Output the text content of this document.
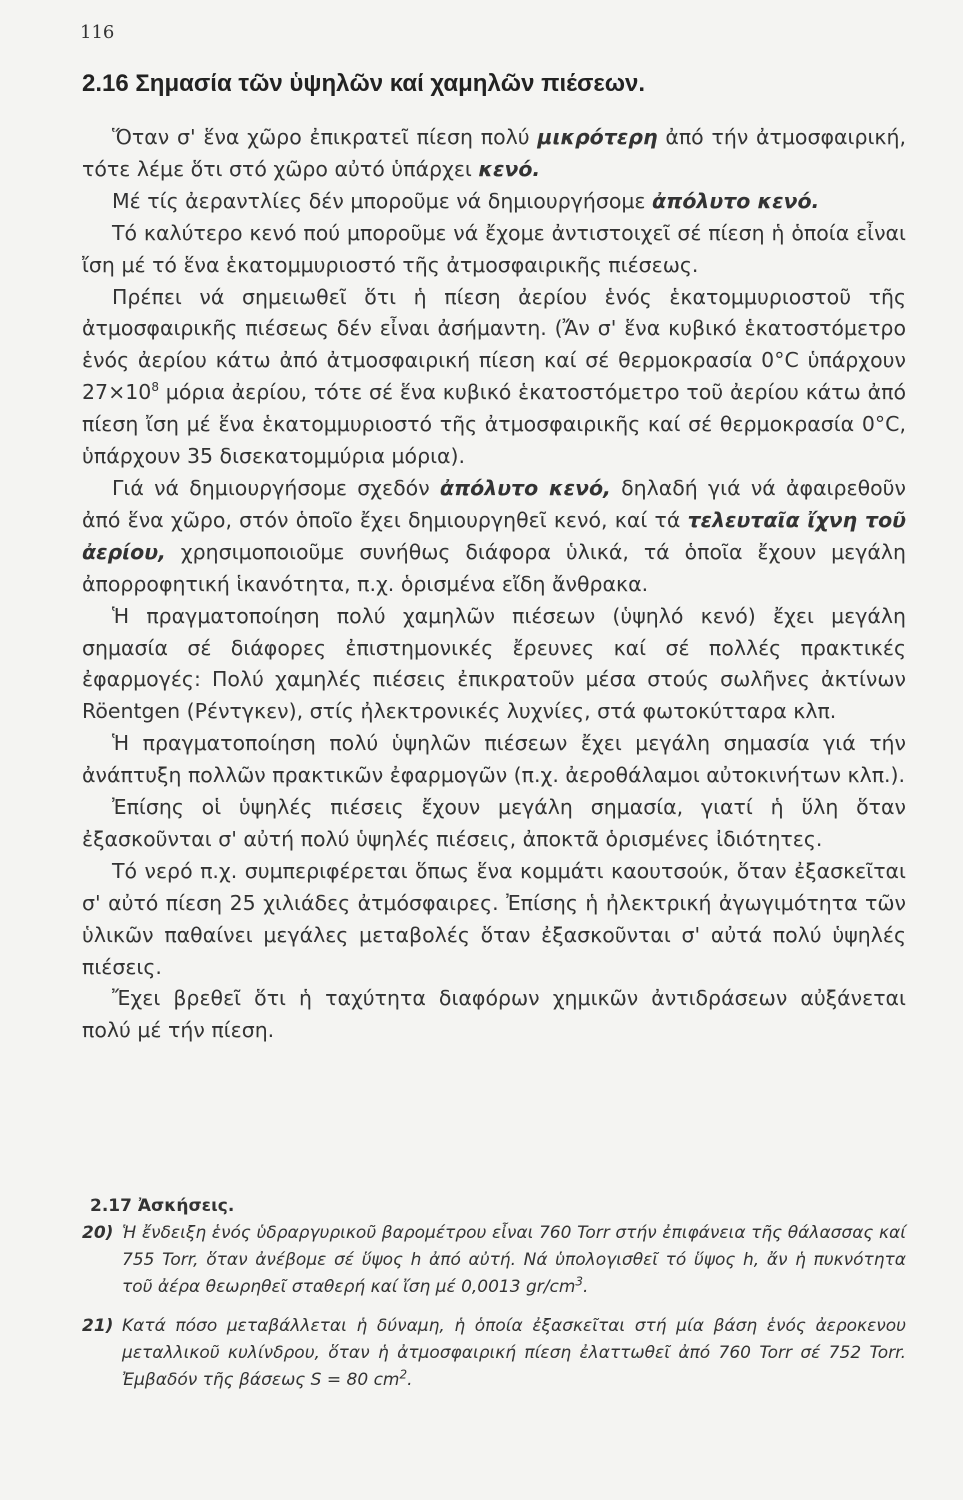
116
2.16 Σημασία τῶν ὑψηλῶν καί χαμηλῶν πιέσεων.

Ὅταν σ' ἕνα χῶρο ἐπικρατεῖ πίεση πολύ μικρότερη ἀπό τήν ἀτμοσφαιρική, τότε λέμε ὅτι στό χῶρο αὐτό ὑπάρχει κενό.

Μέ τίς ἀεραντλίες δέν μποροῦμε νά δημιουργήσομε ἀπόλυτο κενό.

Τό καλύτερο κενό πού μποροῦμε νά ἔχομε ἀντιστοιχεῖ σέ πίεση ἡ ὁποία εἶναι ἴση μέ τό ἕνα ἑκατομμυριοστό τῆς ἀτμοσφαιρικῆς πιέσεως.

Πρέπει νά σημειωθεῖ ὅτι ἡ πίεση ἀερίου ἑνός ἑκατομμυριοστοῦ τῆς ἀτμοσφαιρικῆς πιέσεως δέν εἶναι ἀσήμαντη. (Ἄν σ' ἕνα κυβικό ἑκατοστόμετρο ἑνός ἀερίου κάτω ἀπό ἀτμοσφαιρική πίεση καί σέ θερμοκρασία 0°C ὑπάρχουν $27\times 10^8$ μόρια ἀερίου, τότε σέ ἕνα κυβικό ἑκατοστόμετρο τοῦ ἀερίου κάτω ἀπό πίεση ἴση μέ ἕνα ἑκατομμυριοστό τῆς ἀτμοσφαιρικῆς καί σέ θερμοκρασία 0°C, ὑπάρχουν 35 δισεκατομμύρια μόρια).

Γιά νά δημιουργήσομε σχεδόν ἀπόλυτο κενό, δηλαδή γιά νά ἀφαιρεθοῦν ἀπό ἕνα χῶρο, στόν ὁποῖο ἔχει δημιουργηθεῖ κενό, καί τά τελευταῖα ἴχνη τοῦ ἀερίου, χρησιμοποιοῦμε συνήθως διάφορα ὑλικά, τά ὁποῖα ἔχουν μεγάλη ἀπορροφητική ἱκανότητα, π.χ. ὁρισμένα εἴδη ἄνθρακα.

Ἡ πραγματοποίηση πολύ χαμηλῶν πιέσεων (ὑψηλό κενό) ἔχει μεγάλη σημασία σέ διάφορες ἐπιστημονικές ἔρευνες καί σέ πολλές πρακτικές ἐφαρμογές: Πολύ χαμηλές πιέσεις ἐπικρατοῦν μέσα στούς σωλῆνες ἀκτίνων Röentgen (Ρέντγκεν), στίς ἠλεκτρονικές λυχνίες, στά φωτοκύτταρα κλπ.

Ἡ πραγματοποίηση πολύ ὑψηλῶν πιέσεων ἔχει μεγάλη σημασία γιά τήν ἀνάπτυξη πολλῶν πρακτικῶν ἐφαρμογῶν (π.χ. ἀεροθάλαμοι αὐτοκινήτων κλπ.).

Ἐπίσης οἱ ὑψηλές πιέσεις ἔχουν μεγάλη σημασία, γιατί ἡ ὕλη ὅταν ἐξασκοῦνται σ' αὐτή πολύ ὑψηλές πιέσεις, ἀποκτᾶ ὁρισμένες ἰδιότητες.

Τό νερό π.χ. συμπεριφέρεται ὅπως ἕνα κομμάτι καουτσούκ, ὅταν ἐξασκεῖται σ' αὐτό πίεση 25 χιλιάδες ἀτμόσφαιρες. Ἐπίσης ἡ ἠλεκτρική ἀγωγιμότητα τῶν ὑλικῶν παθαίνει μεγάλες μεταβολές ὅταν ἐξασκοῦνται σ' αὐτά πολύ ὑψηλές πιέσεις.

Ἔχει βρεθεῖ ὅτι ἡ ταχύτητα διαφόρων χημικῶν ἀντιδράσεων αὐξάνεται πολύ μέ τήν πίεση.

2.17 Ἀσκήσεις.
20) Ἡ ἔνδειξη ἑνός ὑδραργυρικοῦ βαρομέτρου εἶναι 760 Torr στήν ἐπιφάνεια τῆς θάλασσας καί 755 Torr, ὅταν ἀνέβομε σέ ὕψος h ἀπό αὐτή. Νά ὑπολογισθεῖ τό ὕψος h, ἄν ἡ πυκνότητα τοῦ ἀέρα θεωρηθεῖ σταθερή καί ἴση μέ 0,0013 $gr/cm^3$.
21) Κατά πόσο μεταβάλλεται ἡ δύναμη, ἡ ὁποία ἐξασκεῖται στή μία βάση ἑνός ἀεροκενου μεταλλικοῦ κυλίνδρου, ὅταν ἡ ἀτμοσφαιρική πίεση ἐλαττωθεῖ ἀπό 760 Torr σέ 752 Torr. Ἐμβαδόν τῆς βάσεως S = 80 $cm^2$.
